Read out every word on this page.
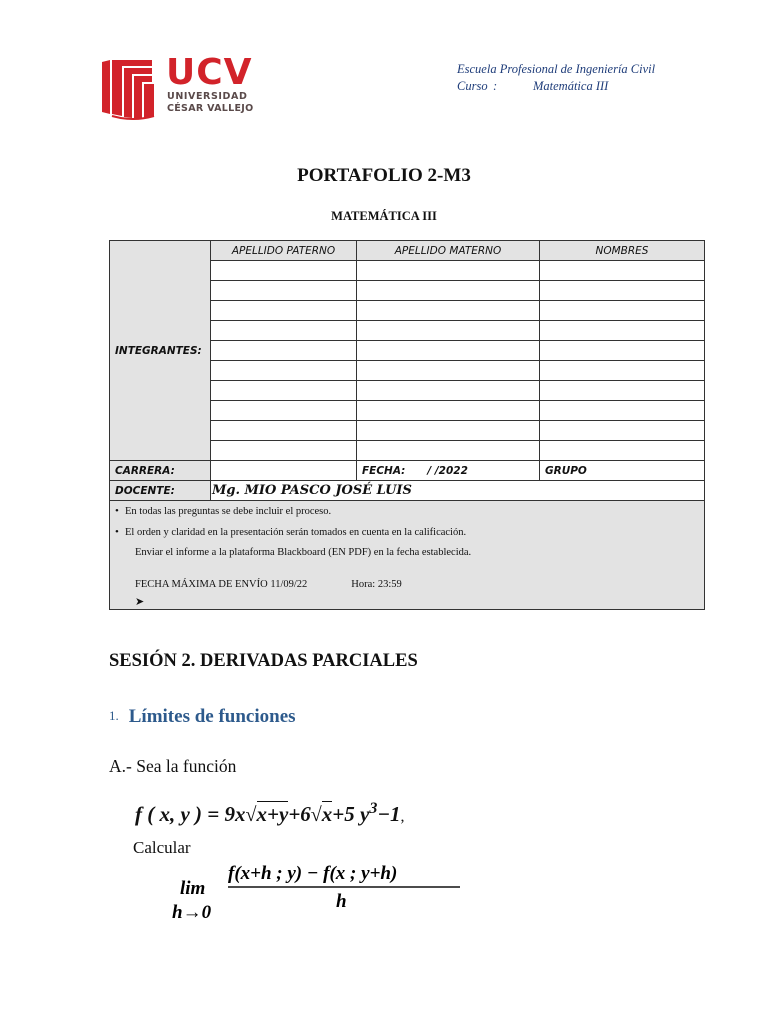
UCV
UNIVERSIDAD
CÉSAR VALLEJO
Escuela Profesional de Ingeniería Civil
Curso :	Matemática III
PORTAFOLIO 2-M3
MATEMÁTICA III
INTEGRANTES:	APELLIDO PATERNO	APELLIDO MATERNO	NOMBRES

CARRERA:		FECHA: / /2022	GRUPO
DOCENTE:	Mg. MIO PASCO JOSÉ LUIS		

• En todas las preguntas se debe incluir el proceso.
• El orden y claridad en la presentación serán tomados en cuenta en la calificación.
Enviar el informe a la plataforma Blackboard (EN PDF) en la fecha establecida.
FECHA MÁXIMA DE ENVÍO 11/09/22 Hora: 23:59
➤			
SESIÓN 2. DERIVADAS PARCIALES
1. Límites de funciones
A.- Sea la función
f ( x, y ) = 9x√x+y+6√x+5 $y^3-1$,
Calcular
lim
h→0
f(x+h ; y) − f(x ; y+h)
h
